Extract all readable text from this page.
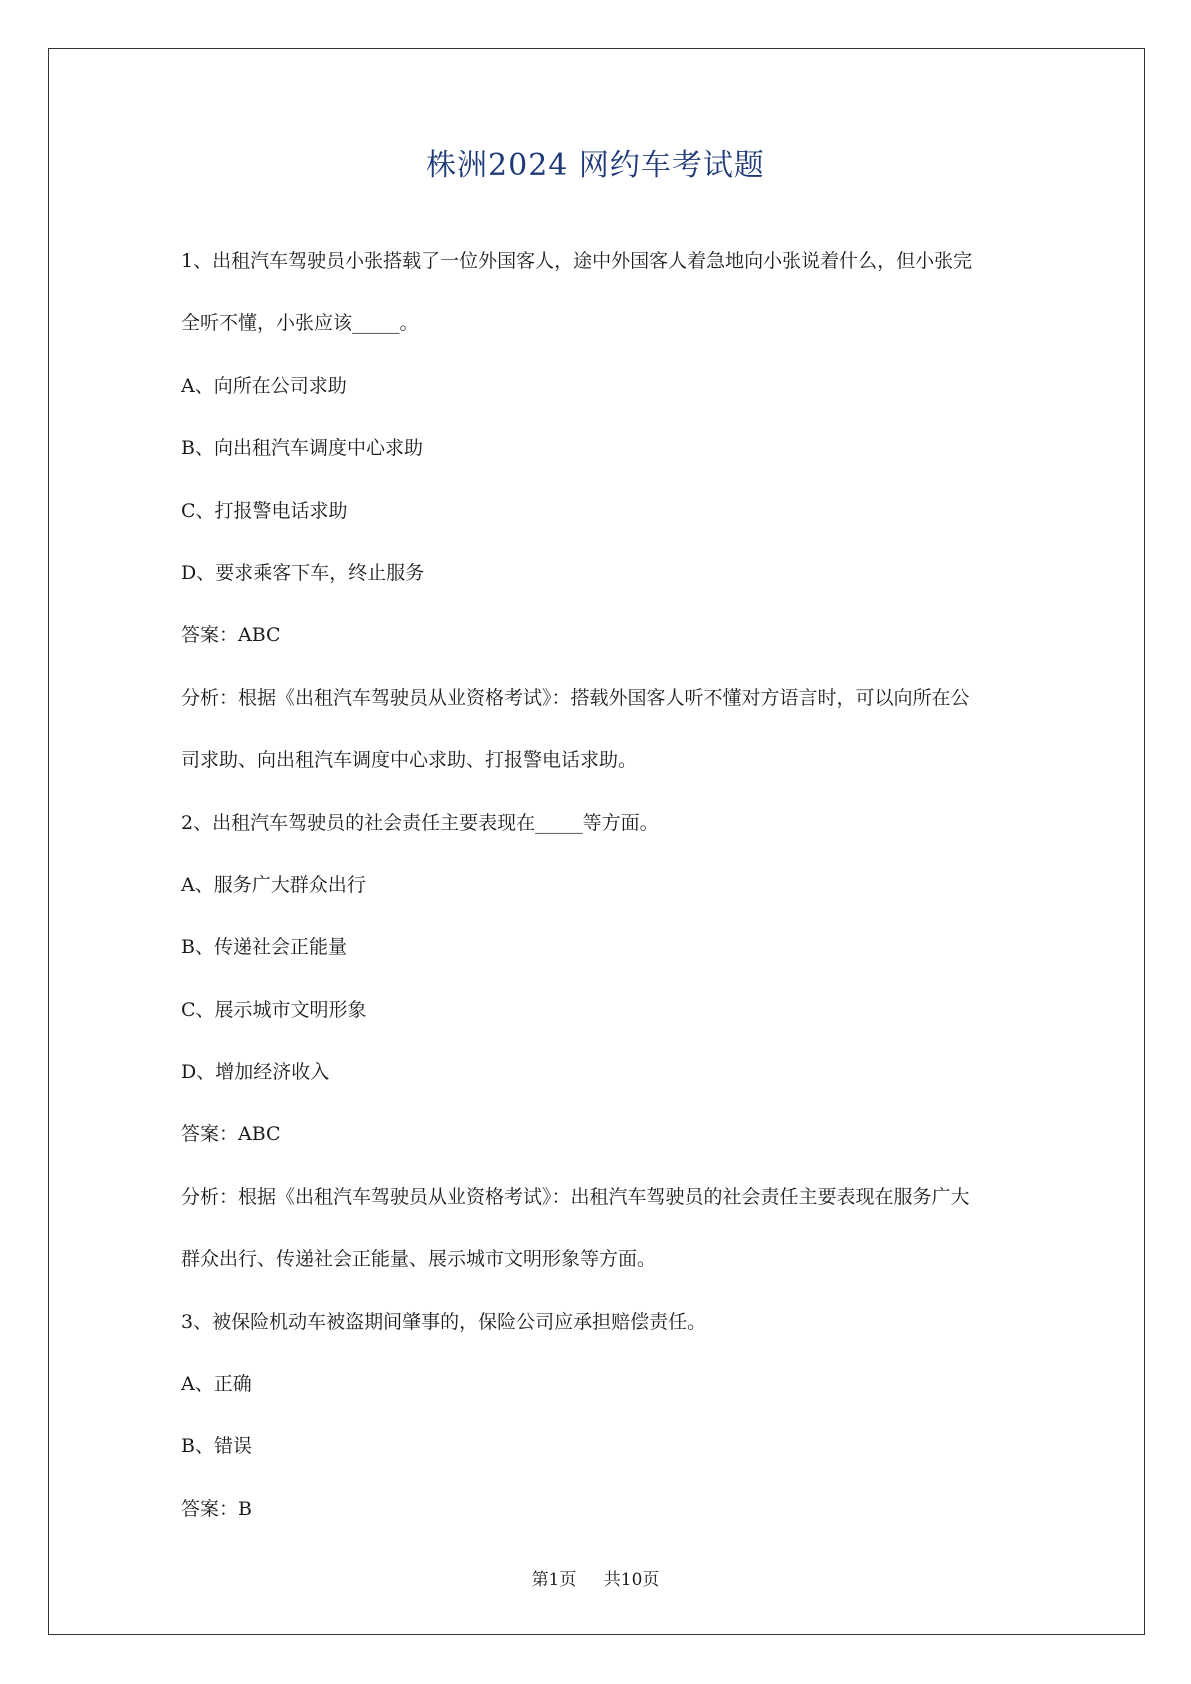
株洲2024 网约车考试题
1、出租汽车驾驶员小张搭载了一位外国客人，途中外国客人着急地向小张说着什么，但小张完
全听不懂，小张应该_____。
A、向所在公司求助
B、向出租汽车调度中心求助
C、打报警电话求助
D、要求乘客下车，终止服务
答案：ABC
分析：根据《出租汽车驾驶员从业资格考试》：搭载外国客人听不懂对方语言时，可以向所在公
司求助、向出租汽车调度中心求助、打报警电话求助。
2、出租汽车驾驶员的社会责任主要表现在_____等方面。
A、服务广大群众出行
B、传递社会正能量
C、展示城市文明形象
D、增加经济收入
答案：ABC
分析：根据《出租汽车驾驶员从业资格考试》：出租汽车驾驶员的社会责任主要表现在服务广大
群众出行、传递社会正能量、展示城市文明形象等方面。
3、被保险机动车被盗期间肇事的，保险公司应承担赔偿责任。
A、正确
B、错误
答案：B
第1页 共10页
